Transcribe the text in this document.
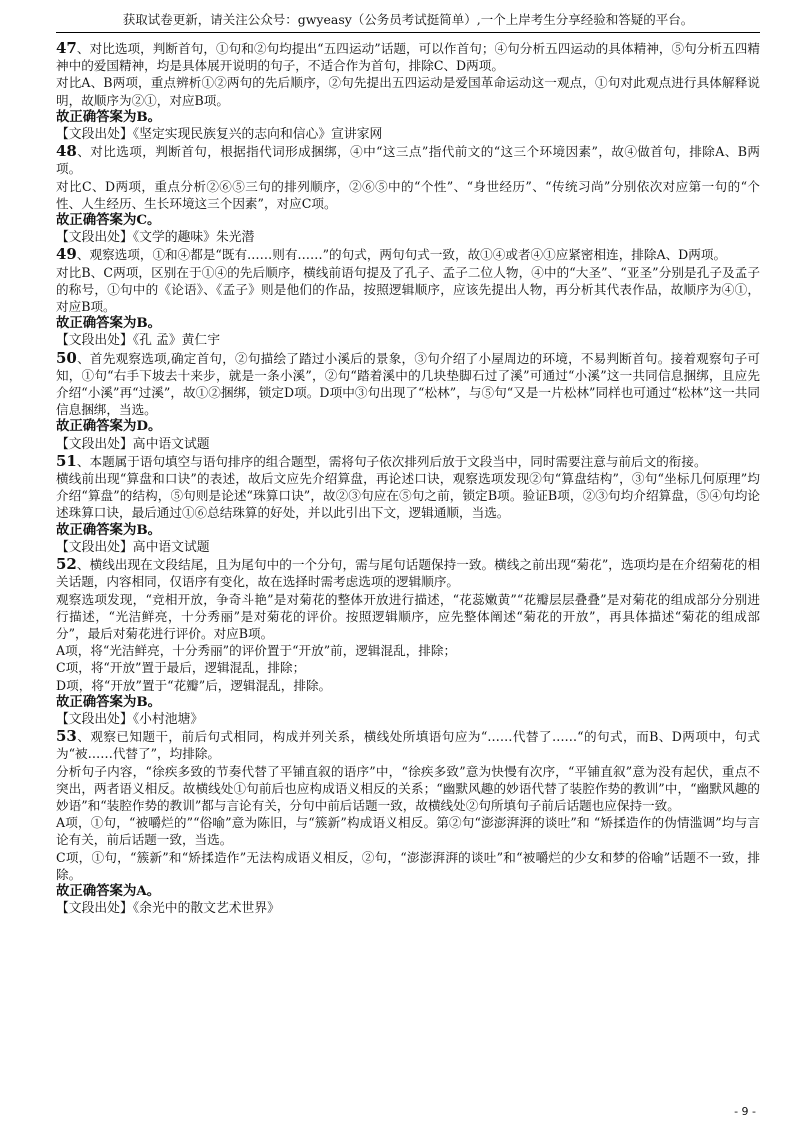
获取试卷更新，请关注公众号：gwyeasy（公务员考试挺简单）,一个上岸考生分享经验和答疑的平台。

47、对比选项，判断首句，①句和②句均提出“五四运动”话题，可以作首句；④句分析五四运动的具体精神，⑤句分析五四精神中的爱国精神，均是具体展开说明的句子，不适合作为首句，排除C、D两项。

对比A、B两项，重点辨析①②两句的先后顺序，②句先提出五四运动是爱国革命运动这一观点，①句对此观点进行具体解释说明，故顺序为②①，对应B项。

故正确答案为B。

【文段出处】《坚定实现民族复兴的志向和信心》宣讲家网

48、对比选项，判断首句，根据指代词形成捆绑，④中“这三点”指代前文的“这三个环境因素”，故④做首句，排除A、B两项。

对比C、D两项，重点分析②⑥⑤三句的排列顺序，②⑥⑤中的“个性”、“身世经历”、“传统习尚”分别依次对应第一句的“个性、人生经历、生长环境这三个因素”，对应C项。

故正确答案为C。

【文段出处】《文学的趣味》朱光潜

49、观察选项，①和④都是“既有……则有……”的句式，两句句式一致，故①④或者④①应紧密相连，排除A、D两项。

对比B、C两项，区别在于①④的先后顺序，横线前语句提及了孔子、孟子二位人物，④中的“大圣”、“亚圣”分别是孔子及孟子的称号，①句中的《论语》、《孟子》则是他们的作品，按照逻辑顺序，应该先提出人物，再分析其代表作品，故顺序为④①，对应B项。

故正确答案为B。

【文段出处】《孔 孟》黄仁宇

50、首先观察选项,确定首句，②句描绘了踏过小溪后的景象，③句介绍了小屋周边的环境，不易判断首句。接着观察句子可知，①句“右手下坡去十来步，就是一条小溪”，②句“踏着溪中的几块垫脚石过了溪”可通过“小溪”这一共同信息捆绑，且应先介绍“小溪”再“过溪”，故①②捆绑，锁定D项。D项中③句出现了“松林”，与⑤句“又是一片松林”同样也可通过“松林”这一共同信息捆绑，当选。

故正确答案为D。

【文段出处】高中语文试题

51、本题属于语句填空与语句排序的组合题型，需将句子依次排列后放于文段当中，同时需要注意与前后文的衔接。

横线前出现“算盘和口诀”的表述，故后文应先介绍算盘，再论述口诀，观察选项发现②句“算盘结构”，③句“坐标几何原理”均介绍“算盘”的结构，⑤句则是论述“珠算口诀”，故②③句应在⑤句之前，锁定B项。验证B项，②③句均介绍算盘，⑤④句均论述珠算口诀，最后通过①⑥总结珠算的好处，并以此引出下文，逻辑通顺，当选。

故正确答案为B。

【文段出处】高中语文试题

52、横线出现在文段结尾，且为尾句中的一个分句，需与尾句话题保持一致。横线之前出现“菊花”，选项均是在介绍菊花的相关话题，内容相同，仅语序有变化，故在选择时需考虑选项的逻辑顺序。

观察选项发现，“竞相开放，争奇斗艳”是对菊花的整体开放进行描述，“花蕊嫩黄”“花瓣层层叠叠”是对菊花的组成部分分别进行描述，“光洁鲜亮，十分秀丽”是对菊花的评价。按照逻辑顺序，应先整体阐述“菊花的开放”，再具体描述“菊花的组成部分”，最后对菊花进行评价。对应B项。

A项，将“光洁鲜亮，十分秀丽”的评价置于“开放”前，逻辑混乱，排除；

C项，将“开放”置于最后，逻辑混乱，排除；

D项，将“开放”置于“花瓣”后，逻辑混乱，排除。

故正确答案为B。

【文段出处】《小村池塘》

53、观察已知题干，前后句式相同，构成并列关系，横线处所填语句应为“……代替了……“的句式，而B、D两项中，句式为“被……代替了”，均排除。

分析句子内容，“徐疾多致的节奏代替了平铺直叙的语序”中，“徐疾多致”意为快慢有次序，“平铺直叙”意为没有起伏，重点不突出，两者语义相反。故横线处①句前后也应构成语义相反的关系；“幽默风趣的妙语代替了装腔作势的教训”中，“幽默风趣的妙语”和“装腔作势的教训”都与言论有关，分句中前后话题一致，故横线处②句所填句子前后话题也应保持一致。

A项，①句，“被嚼烂的”“俗喻”意为陈旧，与“簇新”构成语义相反。第②句“澎澎湃湃的谈吐”和 “矫揉造作的伪情滥调”均与言论有关，前后话题一致，当选。

C项，①句，“簇新”和“矫揉造作”无法构成语义相反，②句，“澎澎湃湃的谈吐”和“被嚼烂的少女和梦的俗喻”话题不一致，排除。

故正确答案为A。

【文段出处】《余光中的散文艺术世界》

- 9 -
